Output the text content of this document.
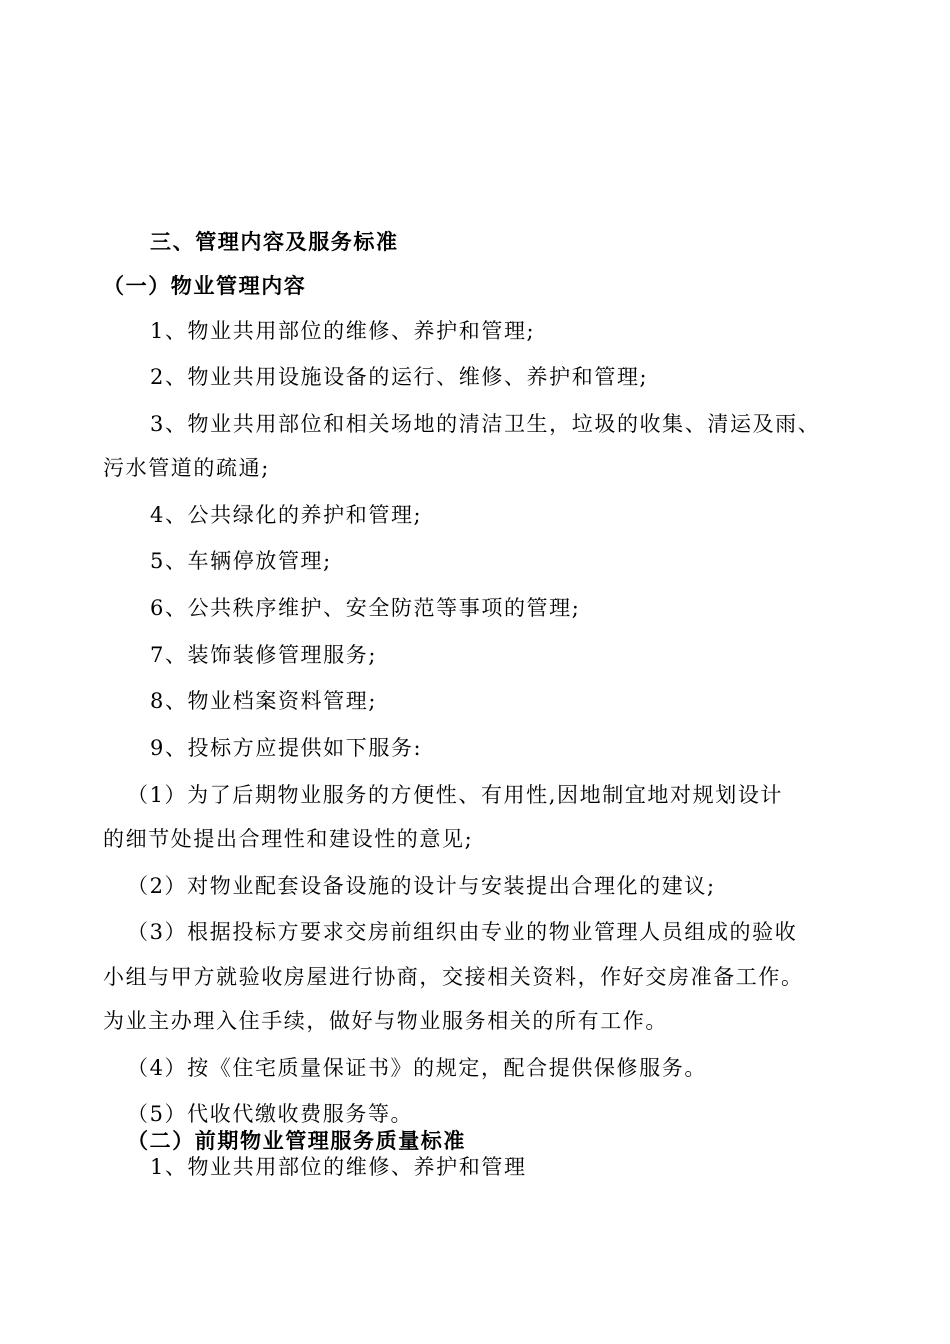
三、管理内容及服务标准
（一）物业管理内容
1、物业共用部位的维修、养护和管理;
2、物业共用设施设备的运行、维修、养护和管理;
3、物业共用部位和相关场地的清洁卫生，垃圾的收集、清运及雨、
污水管道的疏通;
4、公共绿化的养护和管理;
5、车辆停放管理;
6、公共秩序维护、安全防范等事项的管理;
7、装饰装修管理服务;
8、物业档案资料管理;
9、投标方应提供如下服务:
（1）为了后期物业服务的方便性、有用性,因地制宜地对规划设计
的细节处提出合理性和建设性的意见;
（2）对物业配套设备设施的设计与安装提出合理化的建议;
（3）根据投标方要求交房前组织由专业的物业管理人员组成的验收
小组与甲方就验收房屋进行协商，交接相关资料，作好交房准备工作。
为业主办理入住手续，做好与物业服务相关的所有工作。
（4）按《住宅质量保证书》的规定，配合提供保修服务。
（5）代收代缴收费服务等。
（二）前期物业管理服务质量标准
1、物业共用部位的维修、养护和管理
